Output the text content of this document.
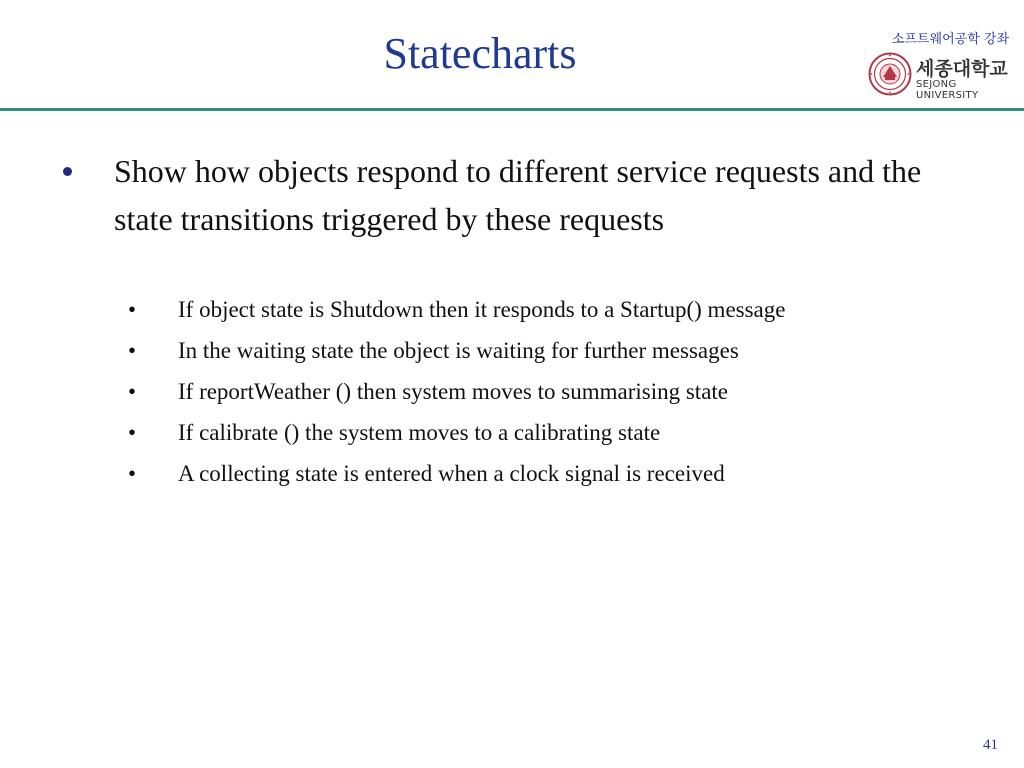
Statecharts	소프트웨어공학 강좌
세종대학교
SEJONG UNIVERSITY
Show how objects respond to different service requests and the state transitions triggered by these requests
• If object state is Shutdown then it responds to a Startup() message
• In the waiting state the object is waiting for further messages
• If reportWeather () then system moves to summarising state
• If calibrate () the system moves to a calibrating state
• A collecting state is entered when a clock signal is received
41
